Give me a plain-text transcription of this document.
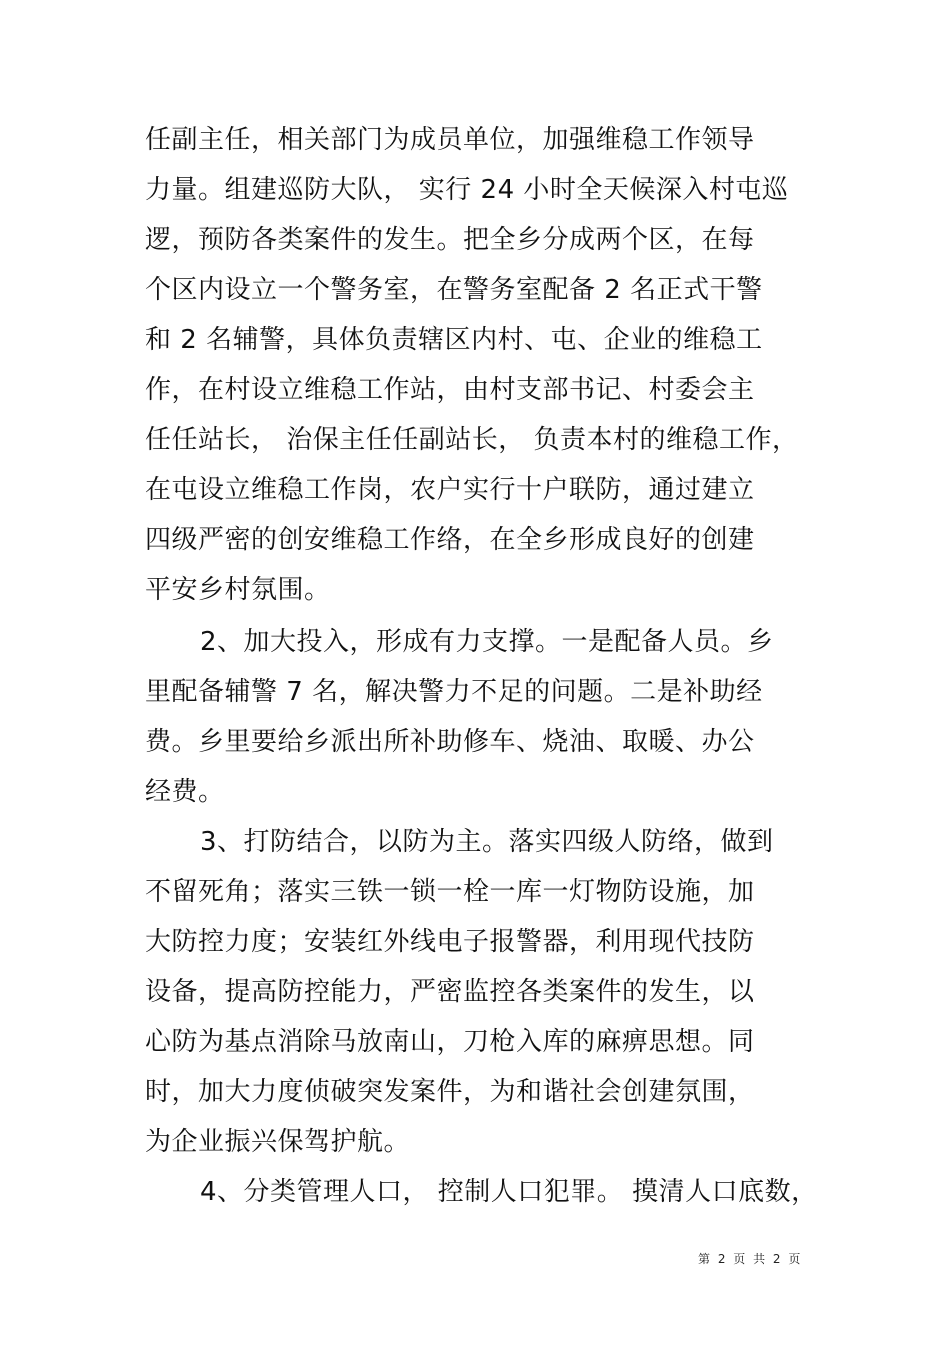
任副主任，相关部门为成员单位，加强维稳工作领导
力量。组建巡防大队， 实行 24 小时全天候深入村屯巡
逻，预防各类案件的发生。把全乡分成两个区，在每
个区内设立一个警务室，在警务室配备 2 名正式干警
和 2 名辅警，具体负责辖区内村、屯、企业的维稳工
作，在村设立维稳工作站，由村支部书记、村委会主
任任站长， 治保主任任副站长， 负责本村的维稳工作，
在屯设立维稳工作岗，农户实行十户联防，通过建立
四级严密的创安维稳工作络，在全乡形成良好的创建
平安乡村氛围。
2、加大投入，形成有力支撑。一是配备人员。乡
里配备辅警 7 名，解决警力不足的问题。二是补助经
费。乡里要给乡派出所补助修车、烧油、取暖、办公
经费。
3、打防结合，以防为主。落实四级人防络，做到
不留死角；落实三铁一锁一栓一库一灯物防设施，加
大防控力度；安装红外线电子报警器，利用现代技防
设备，提高防控能力，严密监控各类案件的发生，以
心防为基点消除马放南山，刀枪入库的麻痹思想。同
时，加大力度侦破突发案件，为和谐社会创建氛围，
为企业振兴保驾护航。
4、分类管理人口， 控制人口犯罪。 摸清人口底数，
第 2 页 共 2 页
